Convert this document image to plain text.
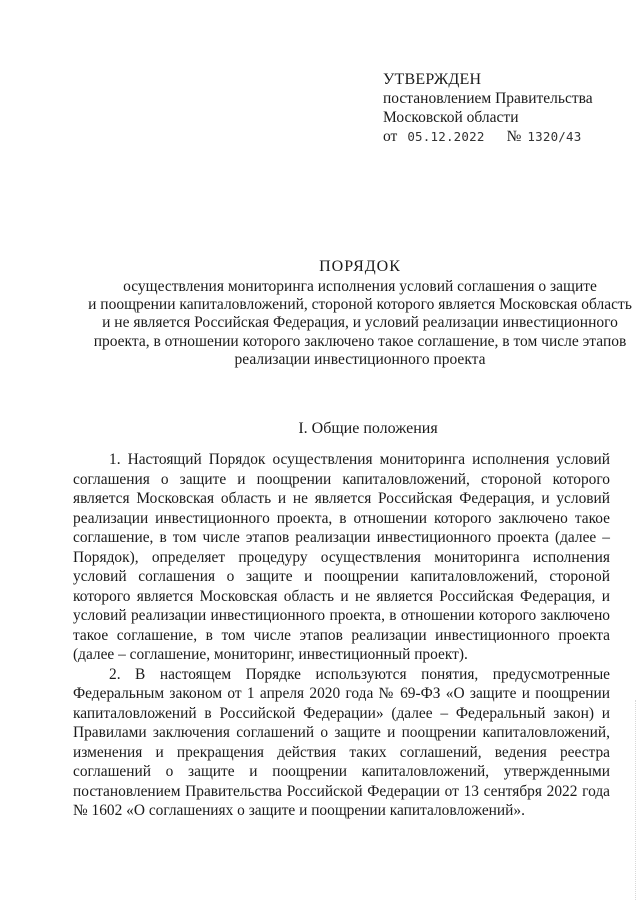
УТВЕРЖДЕН
постановлением Правительства
Московской области
от 05.12.2022 № 1320/43
ПОРЯДОК
осуществления мониторинга исполнения условий соглашения о защите
и поощрении капиталовложений, стороной которого является Московская область
и не является Российская Федерация, и условий реализации инвестиционного
проекта, в отношении которого заключено такое соглашение, в том числе этапов
реализации инвестиционного проекта
I. Общие положения

1. Настоящий Порядок осуществления мониторинга исполнения условий соглашения о защите и поощрении капиталовложений, стороной которого является Московская область и не является Российская Федерация, и условий реализации инвестиционного проекта, в отношении которого заключено такое соглашение, в том числе этапов реализации инвестиционного проекта (далее – Порядок), определяет процедуру осуществления мониторинга исполнения условий соглашения о защите и поощрении капиталовложений, стороной которого является Московская область и не является Российская Федерация, и условий реализации инвестиционного проекта, в отношении которого заключено такое соглашение, в том числе этапов реализации инвестиционного проекта (далее – соглашение, мониторинг, инвестиционный проект).

2. В настоящем Порядке используются понятия, предусмотренные Федеральным законом от 1 апреля 2020 года № 69-ФЗ «О защите и поощрении капиталовложений в Российской Федерации» (далее – Федеральный закон) и Правилами заключения соглашений о защите и поощрении капиталовложений, изменения и прекращения действия таких соглашений, ведения реестра соглашений о защите и поощрении капиталовложений, утвержденными постановлением Правительства Российской Федерации от 13 сентября 2022 года № 1602 «О соглашениях о защите и поощрении капиталовложений».
